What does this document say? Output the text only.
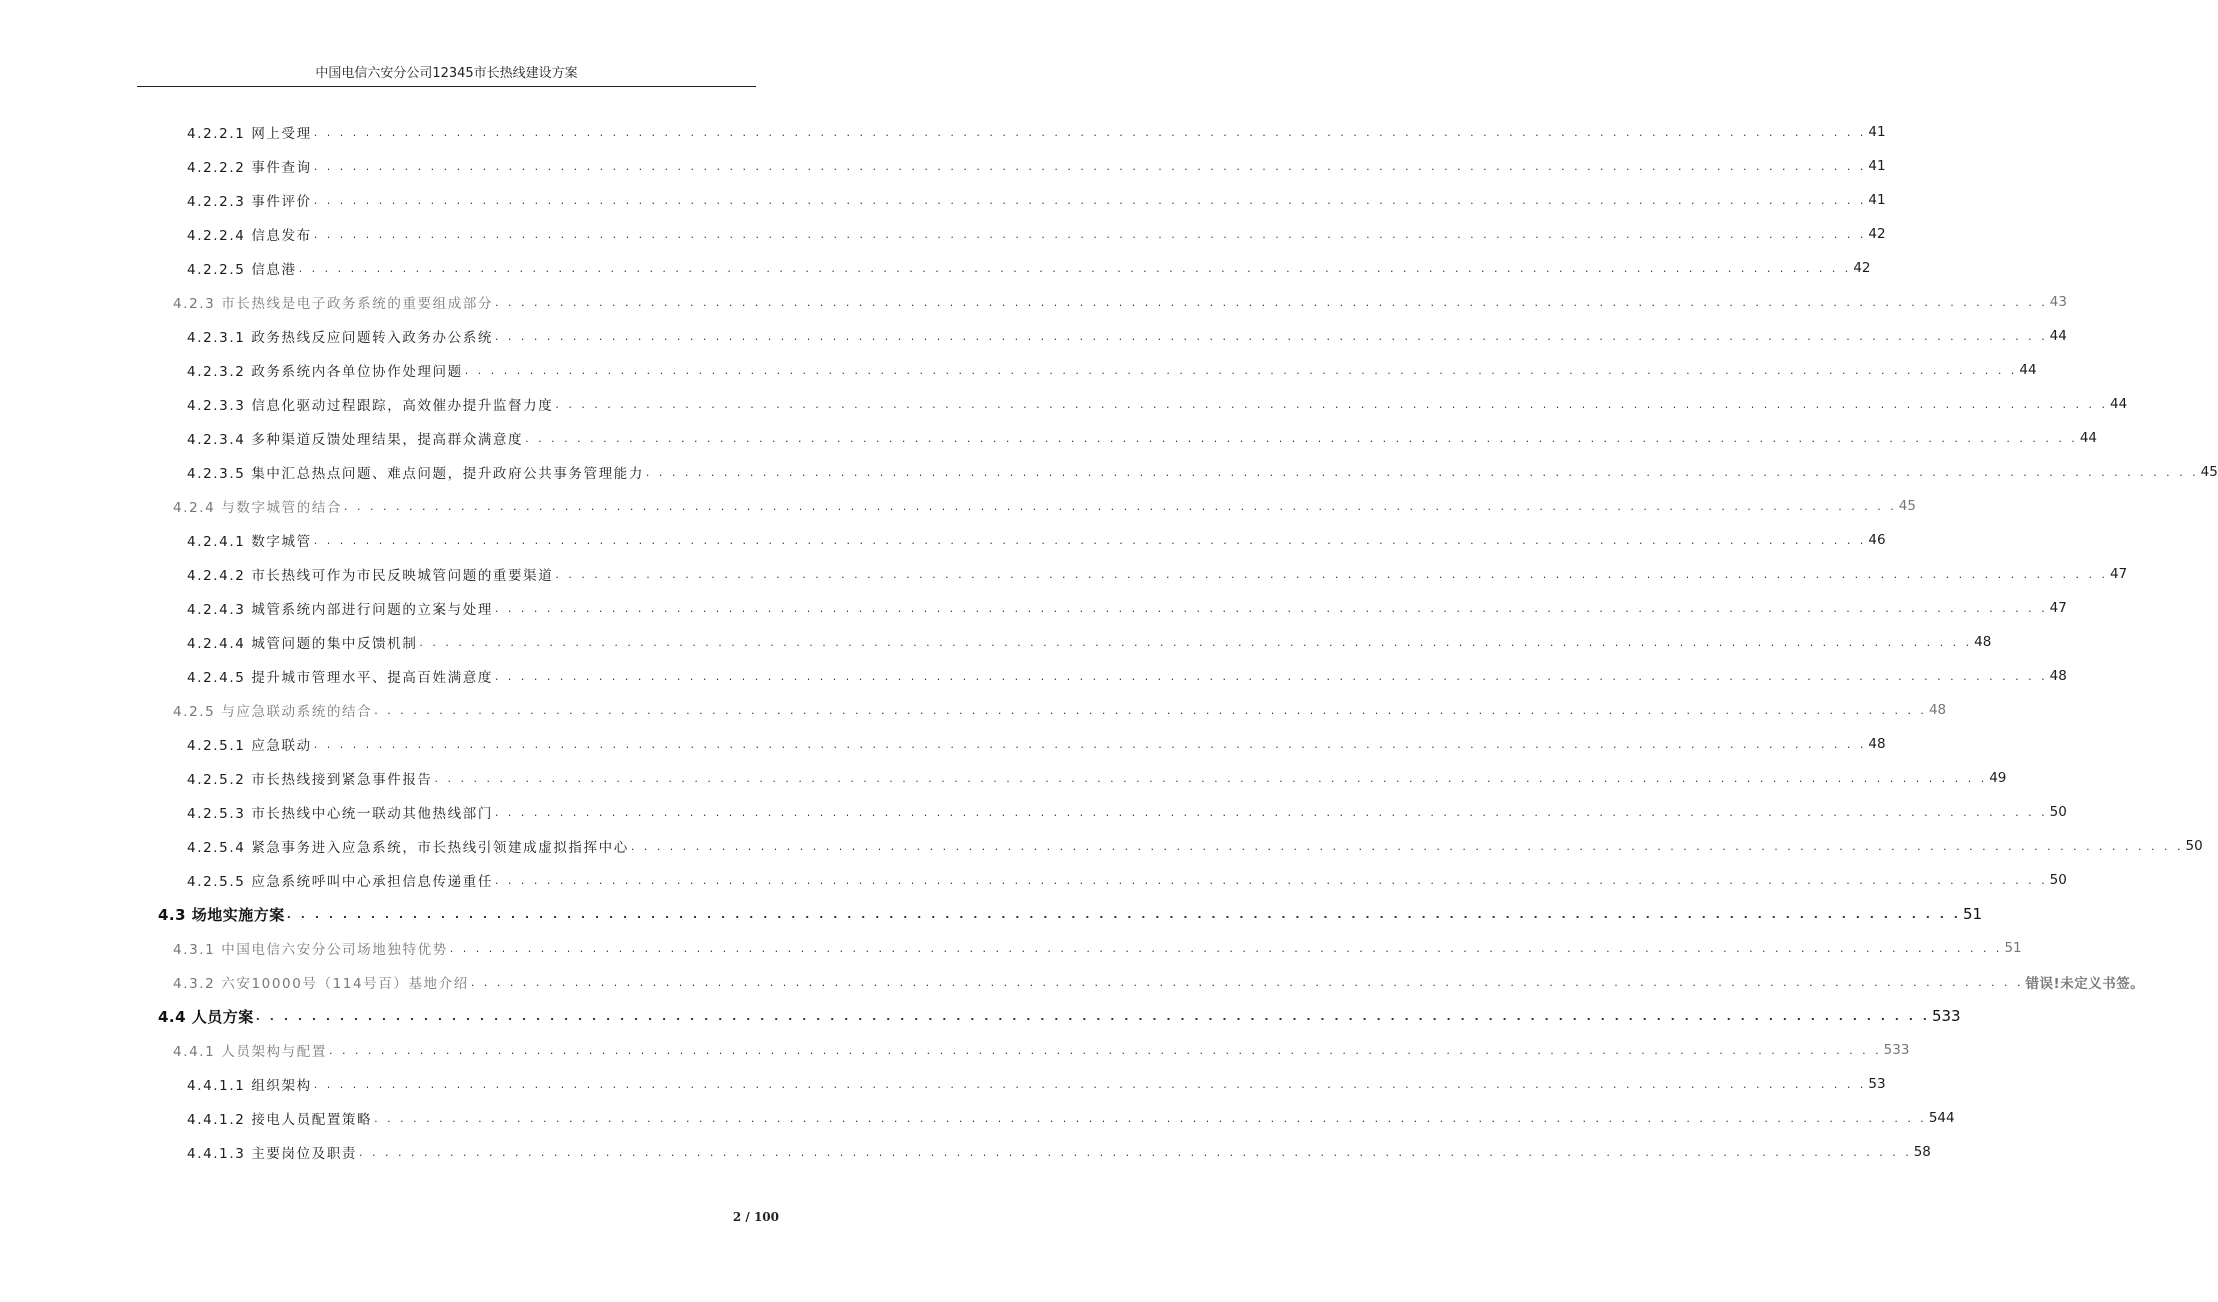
中国电信六安分公司12345市长热线建设方案
4.2.2.1 网上受理 . . . . . . . . . . . . . . . . . . . . . . . . . . . . . . . . . . . . . . . . . . . . . . . . . . . . . . . . . . . . . . . . . . . . . . . . . . . . . . . . . . . . . . . . . . . . . . . . . . . . . . . . . . . . . . . . . . . . . . . . 41
4.2.2.2 事件查询 . . . . . . . . . . . . . . . . . . . . . . . . . . . . . . . . . . . . . . . . . . . . . . . . . . . . . . . . . . . . . . . . . . . . . . . . . . . . . . . . . . . . . . . . . . . . . . . . . . . . . . . . . . . . . . . . . . . . . . . . 41
4.2.2.3 事件评价 . . . . . . . . . . . . . . . . . . . . . . . . . . . . . . . . . . . . . . . . . . . . . . . . . . . . . . . . . . . . . . . . . . . . . . . . . . . . . . . . . . . . . . . . . . . . . . . . . . . . . . . . . . . . . . . . . . . . . . . . 41
4.2.2.4 信息发布 . . . . . . . . . . . . . . . . . . . . . . . . . . . . . . . . . . . . . . . . . . . . . . . . . . . . . . . . . . . . . . . . . . . . . . . . . . . . . . . . . . . . . . . . . . . . . . . . . . . . . . . . . . . . . . . . . . . . . . . . 42
4.2.2.5 信息港 . . . . . . . . . . . . . . . . . . . . . . . . . . . . . . . . . . . . . . . . . . . . . . . . . . . . . . . . . . . . . . . . . . . . . . . . . . . . . . . . . . . . . . . . . . . . . . . . . . . . . . . . . . . . . . . . . . . . . . . . 42
4.2.3 市长热线是电子政务系统的重要组成部分 . . . . . . . . . . . . . . . . . . . . . . . . . . . . . . . . . . . . . . . . . . . . . . . . . . . . . . . . . . . . . . . . . . . . . . . . . . . . . . . . . . . . . . . . . . . . . . . . . . . . . . . . . . . . . . . . . . . . . . . . 43
4.2.3.1 政务热线反应问题转入政务办公系统 . . . . . . . . . . . . . . . . . . . . . . . . . . . . . . . . . . . . . . . . . . . . . . . . . . . . . . . . . . . . . . . . . . . . . . . . . . . . . . . . . . . . . . . . . . . . . . . . . . . . . . . . . . . . . . . . . . . . . . . . 44
4.2.3.2 政务系统内各单位协作处理问题 . . . . . . . . . . . . . . . . . . . . . . . . . . . . . . . . . . . . . . . . . . . . . . . . . . . . . . . . . . . . . . . . . . . . . . . . . . . . . . . . . . . . . . . . . . . . . . . . . . . . . . . . . . . . . . . . . . . . . . . . 44
4.2.3.3 信息化驱动过程跟踪，高效催办提升监督力度 . . . . . . . . . . . . . . . . . . . . . . . . . . . . . . . . . . . . . . . . . . . . . . . . . . . . . . . . . . . . . . . . . . . . . . . . . . . . . . . . . . . . . . . . . . . . . . . . . . . . . . . . . . . . . . . . . . . . . . . . 44
4.2.3.4 多种渠道反馈处理结果，提高群众满意度 . . . . . . . . . . . . . . . . . . . . . . . . . . . . . . . . . . . . . . . . . . . . . . . . . . . . . . . . . . . . . . . . . . . . . . . . . . . . . . . . . . . . . . . . . . . . . . . . . . . . . . . . . . . . . . . . . . . . . . . . 44
4.2.3.5 集中汇总热点问题、难点问题，提升政府公共事务管理能力 . . . . . . . . . . . . . . . . . . . . . . . . . . . . . . . . . . . . . . . . . . . . . . . . . . . . . . . . . . . . . . . . . . . . . . . . . . . . . . . . . . . . . . . . . . . . . . . . . . . . . . . . . . . . . . . . . . . . . . . . 45
4.2.4 与数字城管的结合 . . . . . . . . . . . . . . . . . . . . . . . . . . . . . . . . . . . . . . . . . . . . . . . . . . . . . . . . . . . . . . . . . . . . . . . . . . . . . . . . . . . . . . . . . . . . . . . . . . . . . . . . . . . . . . . . . . . . . . . . 45
4.2.4.1 数字城管 . . . . . . . . . . . . . . . . . . . . . . . . . . . . . . . . . . . . . . . . . . . . . . . . . . . . . . . . . . . . . . . . . . . . . . . . . . . . . . . . . . . . . . . . . . . . . . . . . . . . . . . . . . . . . . . . . . . . . . . . 46
4.2.4.2 市长热线可作为市民反映城管问题的重要渠道 . . . . . . . . . . . . . . . . . . . . . . . . . . . . . . . . . . . . . . . . . . . . . . . . . . . . . . . . . . . . . . . . . . . . . . . . . . . . . . . . . . . . . . . . . . . . . . . . . . . . . . . . . . . . . . . . . . . . . . . . 47
4.2.4.3 城管系统内部进行问题的立案与处理 . . . . . . . . . . . . . . . . . . . . . . . . . . . . . . . . . . . . . . . . . . . . . . . . . . . . . . . . . . . . . . . . . . . . . . . . . . . . . . . . . . . . . . . . . . . . . . . . . . . . . . . . . . . . . . . . . . . . . . . . 47
4.2.4.4 城管问题的集中反馈机制 . . . . . . . . . . . . . . . . . . . . . . . . . . . . . . . . . . . . . . . . . . . . . . . . . . . . . . . . . . . . . . . . . . . . . . . . . . . . . . . . . . . . . . . . . . . . . . . . . . . . . . . . . . . . . . . . . . . . . . . . 48
4.2.4.5 提升城市管理水平、提高百姓满意度 . . . . . . . . . . . . . . . . . . . . . . . . . . . . . . . . . . . . . . . . . . . . . . . . . . . . . . . . . . . . . . . . . . . . . . . . . . . . . . . . . . . . . . . . . . . . . . . . . . . . . . . . . . . . . . . . . . . . . . . . 48
4.2.5 与应急联动系统的结合 . . . . . . . . . . . . . . . . . . . . . . . . . . . . . . . . . . . . . . . . . . . . . . . . . . . . . . . . . . . . . . . . . . . . . . . . . . . . . . . . . . . . . . . . . . . . . . . . . . . . . . . . . . . . . . . . . . . . . . . . 48
4.2.5.1 应急联动 . . . . . . . . . . . . . . . . . . . . . . . . . . . . . . . . . . . . . . . . . . . . . . . . . . . . . . . . . . . . . . . . . . . . . . . . . . . . . . . . . . . . . . . . . . . . . . . . . . . . . . . . . . . . . . . . . . . . . . . . 48
4.2.5.2 市长热线接到紧急事件报告 . . . . . . . . . . . . . . . . . . . . . . . . . . . . . . . . . . . . . . . . . . . . . . . . . . . . . . . . . . . . . . . . . . . . . . . . . . . . . . . . . . . . . . . . . . . . . . . . . . . . . . . . . . . . . . . . . . . . . . . . 49
4.2.5.3 市长热线中心统一联动其他热线部门 . . . . . . . . . . . . . . . . . . . . . . . . . . . . . . . . . . . . . . . . . . . . . . . . . . . . . . . . . . . . . . . . . . . . . . . . . . . . . . . . . . . . . . . . . . . . . . . . . . . . . . . . . . . . . . . . . . . . . . . . 50
4.2.5.4 紧急事务进入应急系统，市长热线引领建成虚拟指挥中心 . . . . . . . . . . . . . . . . . . . . . . . . . . . . . . . . . . . . . . . . . . . . . . . . . . . . . . . . . . . . . . . . . . . . . . . . . . . . . . . . . . . . . . . . . . . . . . . . . . . . . . . . . . . . . . . . . . . . . . . . 50
4.2.5.5 应急系统呼叫中心承担信息传递重任 . . . . . . . . . . . . . . . . . . . . . . . . . . . . . . . . . . . . . . . . . . . . . . . . . . . . . . . . . . . . . . . . . . . . . . . . . . . . . . . . . . . . . . . . . . . . . . . . . . . . . . . . . . . . . . . . . . . . . . . . 50
4.3 场地实施方案 . . . . . . . . . . . . . . . . . . . . . . . . . . . . . . . . . . . . . . . . . . . . . . . . . . . . . . . . . . . . . . . . . . . . . . . . . . . . . . . . . . . . . . . . . . . . . . . . . . . . . . . . . . . . . . . . . . . . . . . . 51
4.3.1 中国电信六安分公司场地独特优势 . . . . . . . . . . . . . . . . . . . . . . . . . . . . . . . . . . . . . . . . . . . . . . . . . . . . . . . . . . . . . . . . . . . . . . . . . . . . . . . . . . . . . . . . . . . . . . . . . . . . . . . . . . . . . . . . . . . . . . . . 51
4.3.2 六安10000号（114号百）基地介绍 . . . . . . . . . . . . . . . . . . . . . . . . . . . . . . . . . . . . . . . . . . . . . . . . . . . . . . . . . . . . . . . . . . . . . . . . . . . . . . . . . . . . . . . . . . . . . . . . . . . . . . . . . . . . . . . . . . . . . . . . 错误!未定义书签。
4.4 人员方案 . . . . . . . . . . . . . . . . . . . . . . . . . . . . . . . . . . . . . . . . . . . . . . . . . . . . . . . . . . . . . . . . . . . . . . . . . . . . . . . . . . . . . . . . . . . . . . . . . . . . . . . . . . . . . . . . . . . . . . . . 533
4.4.1 人员架构与配置 . . . . . . . . . . . . . . . . . . . . . . . . . . . . . . . . . . . . . . . . . . . . . . . . . . . . . . . . . . . . . . . . . . . . . . . . . . . . . . . . . . . . . . . . . . . . . . . . . . . . . . . . . . . . . . . . . . . . . . . . 533
4.4.1.1 组织架构 . . . . . . . . . . . . . . . . . . . . . . . . . . . . . . . . . . . . . . . . . . . . . . . . . . . . . . . . . . . . . . . . . . . . . . . . . . . . . . . . . . . . . . . . . . . . . . . . . . . . . . . . . . . . . . . . . . . . . . . . 53
4.4.1.2 接电人员配置策略 . . . . . . . . . . . . . . . . . . . . . . . . . . . . . . . . . . . . . . . . . . . . . . . . . . . . . . . . . . . . . . . . . . . . . . . . . . . . . . . . . . . . . . . . . . . . . . . . . . . . . . . . . . . . . . . . . . . . . . . . 544
4.4.1.3 主要岗位及职责 . . . . . . . . . . . . . . . . . . . . . . . . . . . . . . . . . . . . . . . . . . . . . . . . . . . . . . . . . . . . . . . . . . . . . . . . . . . . . . . . . . . . . . . . . . . . . . . . . . . . . . . . . . . . . . . . . . . . . . . . 58
2 / 100
